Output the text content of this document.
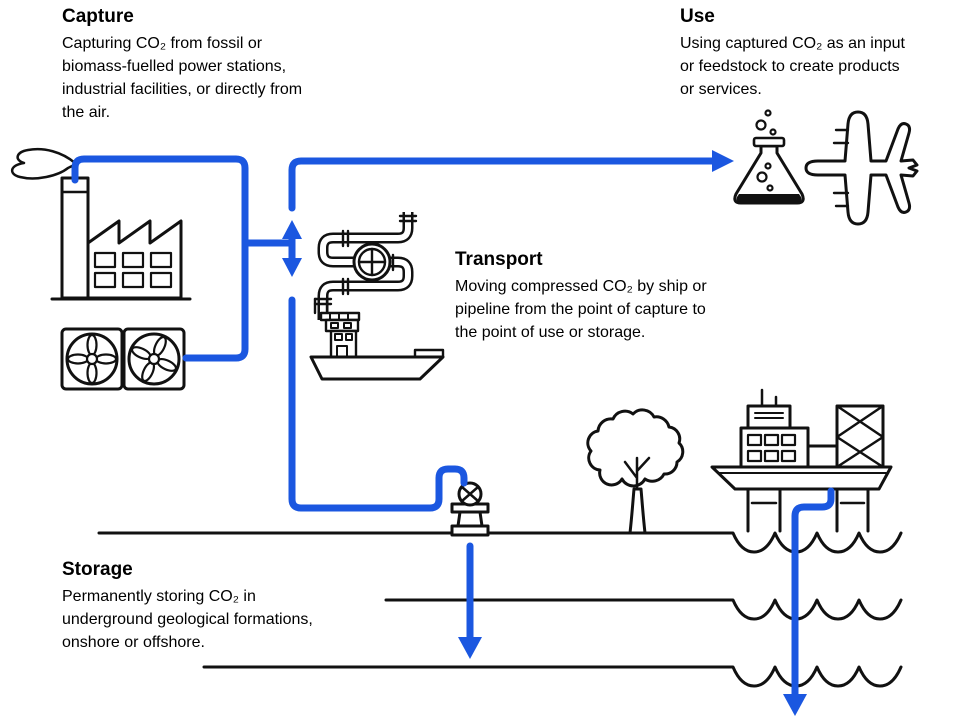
Capture
Capturing CO₂ from fossil or
biomass-fuelled power stations,
industrial facilities, or directly from
the air.
Use
Using captured CO₂ as an input
or feedstock to create products
or services.
Transport
Moving compressed CO₂ by ship or
pipeline from the point of capture to
the point of use or storage.
Storage
Permanently storing CO₂ in
underground geological formations,
onshore or offshore.
